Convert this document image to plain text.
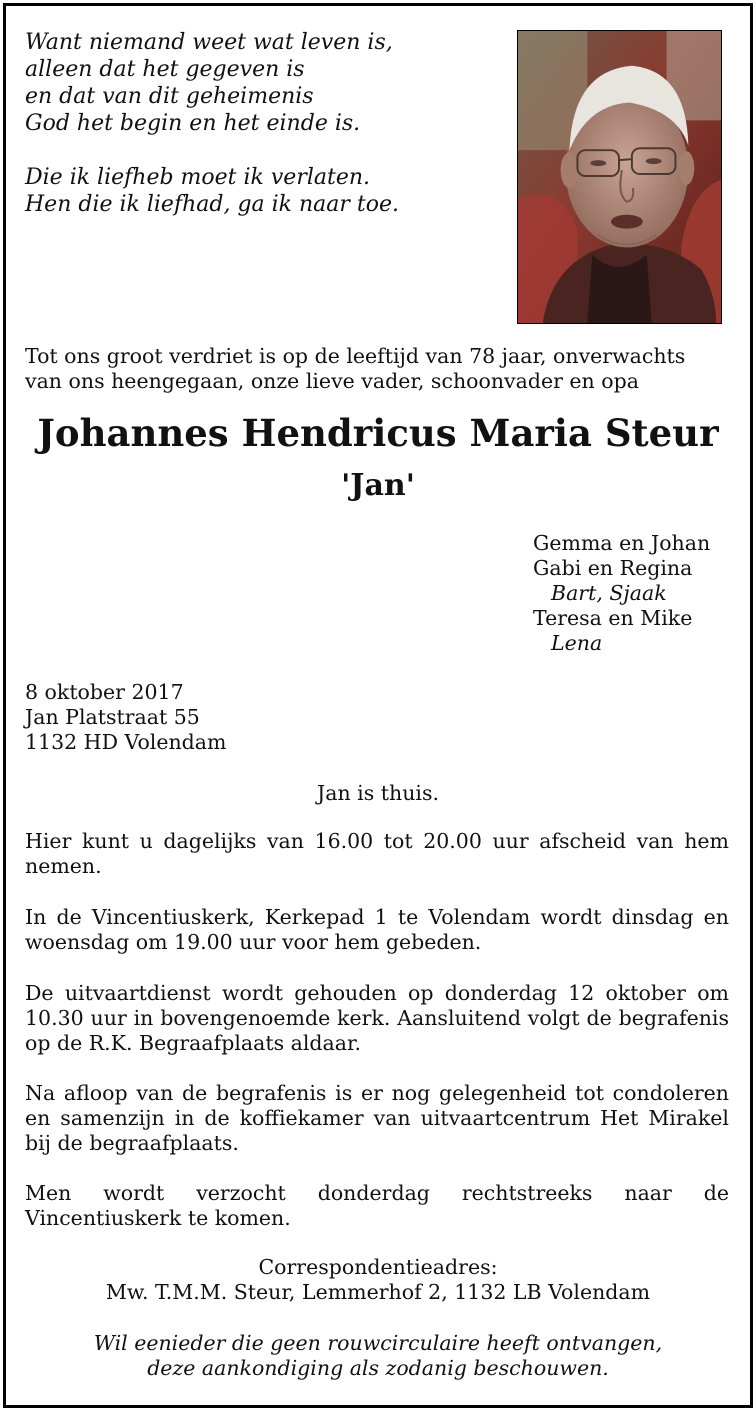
Want niemand weet wat leven is,

alleen dat het gegeven is

en dat van dit geheimenis

God het begin en het einde is.

Die ik liefheb moet ik verlaten.

Hen die ik liefhad, ga ik naar toe.

Tot ons groot verdriet is op de leeftijd van 78 jaar, onverwachts

van ons heengegaan, onze lieve vader, schoonvader en opa

Johannes Hendricus Maria Steur
'Jan'
Gemma en Johan
Gabi en Regina
Bart, Sjaak
Teresa en Mike
Lena
8 oktober 2017
Jan Platstraat 55
1132 HD Volendam
Jan is thuis.

Hier kunt u dagelijks van 16.00 tot 20.00 uur afscheid van hem nemen.

In de Vincentiuskerk, Kerkepad 1 te Volendam wordt dinsdag en woensdag om 19.00 uur voor hem gebeden.

De uitvaartdienst wordt gehouden op donderdag 12 oktober om 10.30 uur in bovengenoemde kerk. Aansluitend volgt de begrafenis op de R.K. Begraafplaats aldaar.

Na afloop van de begrafenis is er nog gelegenheid tot condoleren en samenzijn in de koffiekamer van uitvaartcentrum Het Mirakel bij de begraafplaats.

Men wordt verzocht donderdag rechtstreeks naar de Vincentiuskerk te komen.

Correspondentieadres:
Mw. T.M.M. Steur, Lemmerhof 2, 1132 LB Volendam
Wil eenieder die geen rouwcirculaire heeft ontvangen,
deze aankondiging als zodanig beschouwen.
